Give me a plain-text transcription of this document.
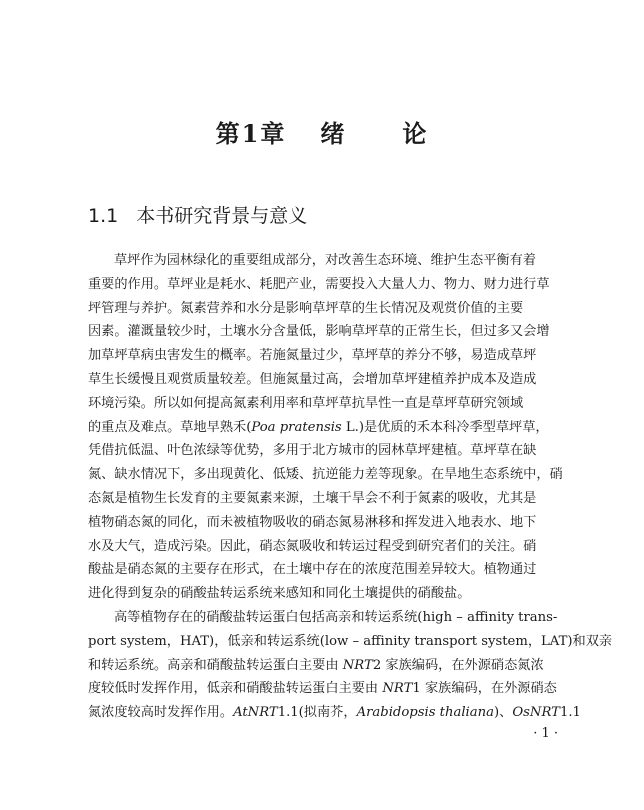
第1章 绪 论
1.1 本书研究背景与意义
草坪作为园林绿化的重要组成部分，对改善生态环境、维护生态平衡有着
重要的作用。草坪业是耗水、耗肥产业，需要投入大量人力、物力、财力进行草
坪管理与养护。氮素营养和水分是影响草坪草的生长情况及观赏价值的主要
因素。灌溉量较少时，土壤水分含量低，影响草坪草的正常生长，但过多又会增
加草坪草病虫害发生的概率。若施氮量过少，草坪草的养分不够，易造成草坪
草生长缓慢且观赏质量较差。但施氮量过高，会增加草坪建植养护成本及造成
环境污染。所以如何提高氮素利用率和草坪草抗旱性一直是草坪草研究领域
的重点及难点。草地早熟禾(Poa pratensis L.)是优质的禾本科冷季型草坪草，
凭借抗低温、叶色浓绿等优势，多用于北方城市的园林草坪建植。草坪草在缺
氮、缺水情况下，多出现黄化、低矮、抗逆能力差等现象。在旱地生态系统中，硝
态氮是植物生长发育的主要氮素来源，土壤干旱会不利于氮素的吸收，尤其是
植物硝态氮的同化，而未被植物吸收的硝态氮易淋移和挥发进入地表水、地下
水及大气，造成污染。因此，硝态氮吸收和转运过程受到研究者们的关注。硝
酸盐是硝态氮的主要存在形式，在土壤中存在的浓度范围差异较大。植物通过
进化得到复杂的硝酸盐转运系统来感知和同化土壤提供的硝酸盐。
高等植物存在的硝酸盐转运蛋白包括高亲和转运系统(high – affinity trans-
port system，HAT)，低亲和转运系统(low – affinity transport system，LAT)和双亲
和转运系统。高亲和硝酸盐转运蛋白主要由 NRT2 家族编码，在外源硝态氮浓
度较低时发挥作用，低亲和硝酸盐转运蛋白主要由 NRT1 家族编码，在外源硝态
氮浓度较高时发挥作用。AtNRT1.1(拟南芥，Arabidopsis thaliana)、OsNRT1.1
· 1 ·
